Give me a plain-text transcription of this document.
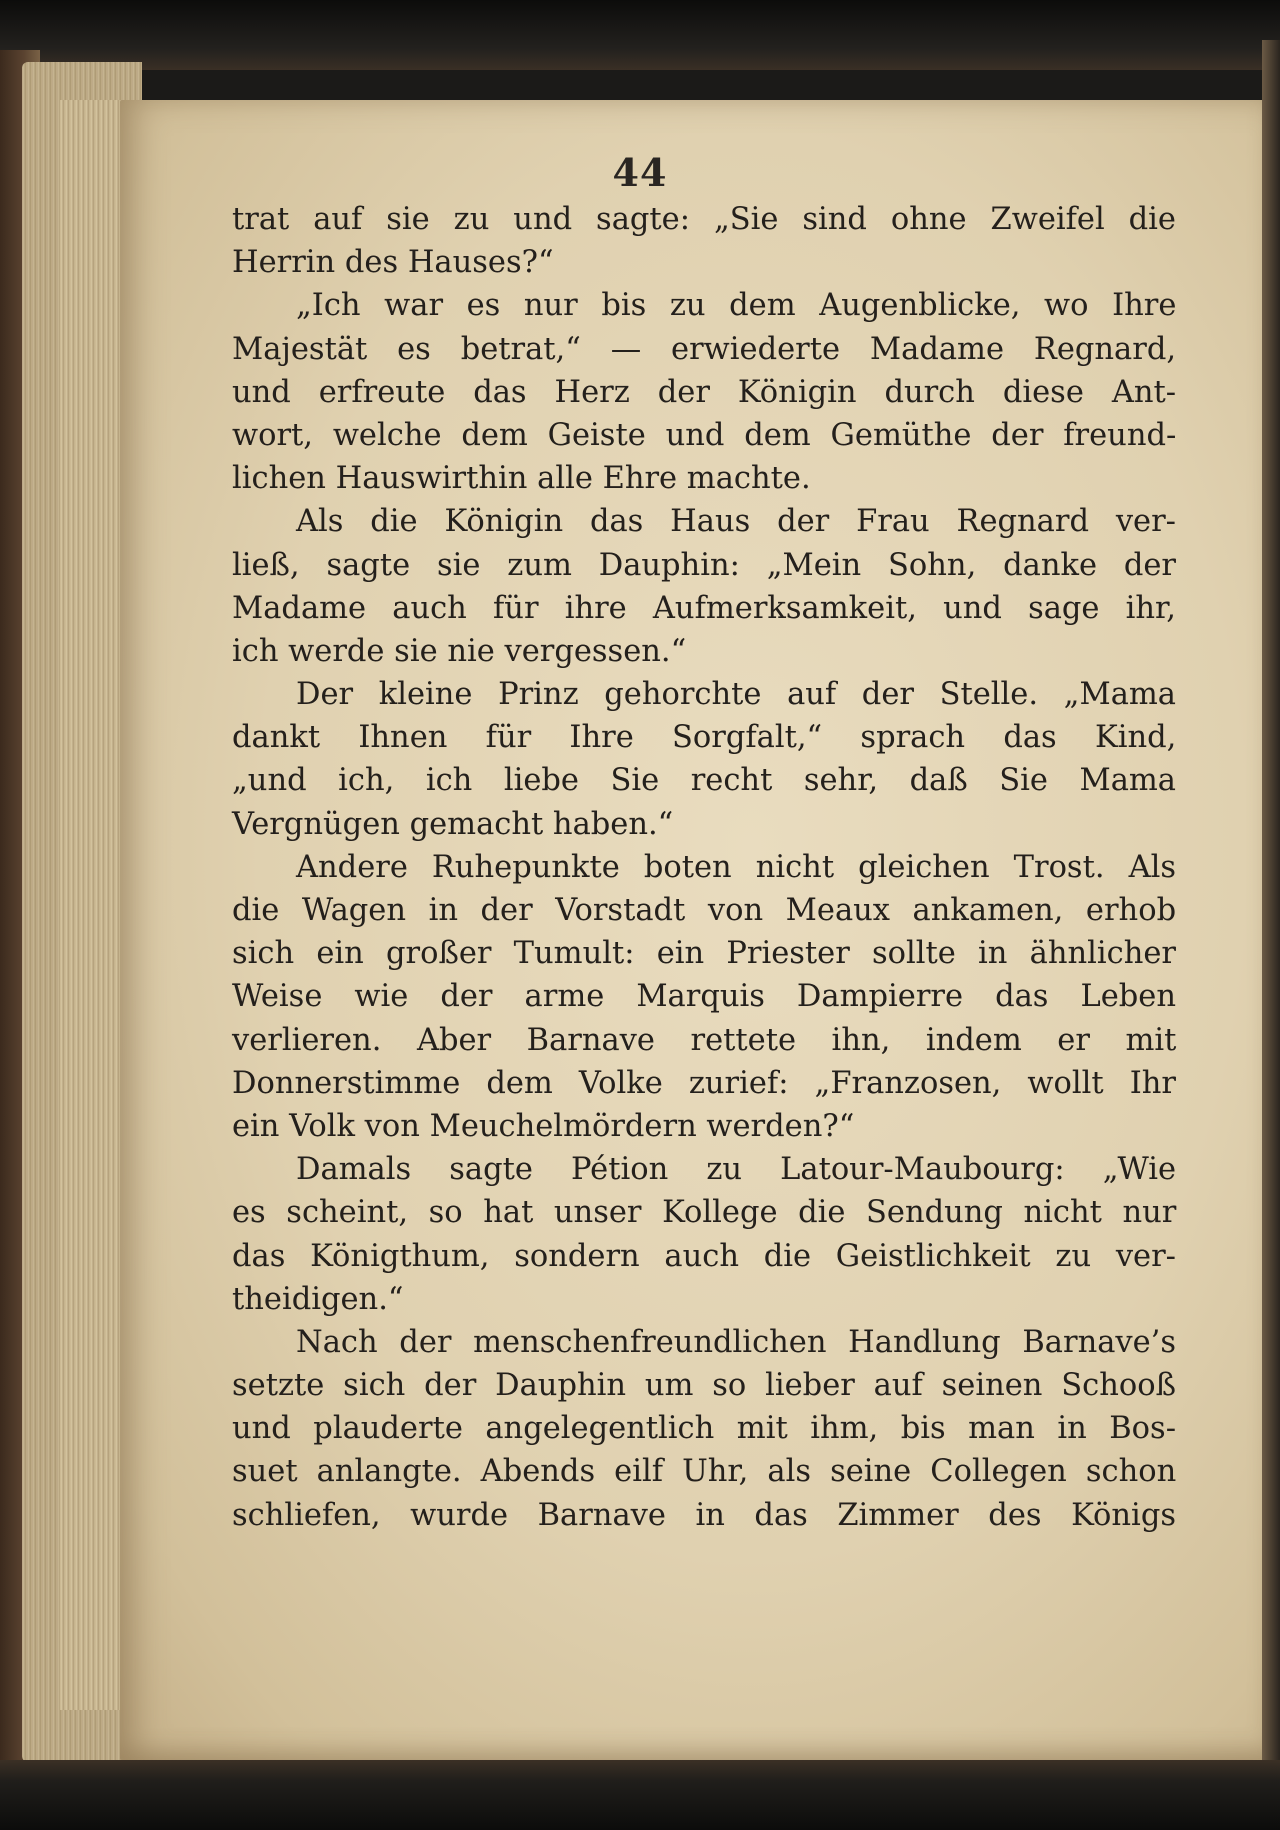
44
trat auf sie zu und sagte: „Sie sind ohne Zweifel die
Herrin des Hauses?“
„Ich war es nur bis zu dem Augenblicke, wo Ihre
Majestät es betrat,“ — erwiederte Madame Regnard,
und erfreute das Herz der Königin durch diese Ant-
wort, welche dem Geiste und dem Gemüthe der freund-
lichen Hauswirthin alle Ehre machte.
Als die Königin das Haus der Frau Regnard ver-
ließ, sagte sie zum Dauphin: „Mein Sohn, danke der
Madame auch für ihre Aufmerksamkeit, und sage ihr,
ich werde sie nie vergessen.“
Der kleine Prinz gehorchte auf der Stelle. „Mama
dankt Ihnen für Ihre Sorgfalt,“ sprach das Kind,
„und ich, ich liebe Sie recht sehr, daß Sie Mama
Vergnügen gemacht haben.“
Andere Ruhepunkte boten nicht gleichen Trost. Als
die Wagen in der Vorstadt von Meaux ankamen, erhob
sich ein großer Tumult: ein Priester sollte in ähnlicher
Weise wie der arme Marquis Dampierre das Leben
verlieren. Aber Barnave rettete ihn, indem er mit
Donnerstimme dem Volke zurief: „Franzosen, wollt Ihr
ein Volk von Meuchelmördern werden?“
Damals sagte Pétion zu Latour-Maubourg: „Wie
es scheint, so hat unser Kollege die Sendung nicht nur
das Königthum, sondern auch die Geistlichkeit zu ver-
theidigen.“
Nach der menschenfreundlichen Handlung Barnave’s
setzte sich der Dauphin um so lieber auf seinen Schooß
und plauderte angelegentlich mit ihm, bis man in Bos-
suet anlangte. Abends eilf Uhr, als seine Collegen schon
schliefen, wurde Barnave in das Zimmer des Königs
